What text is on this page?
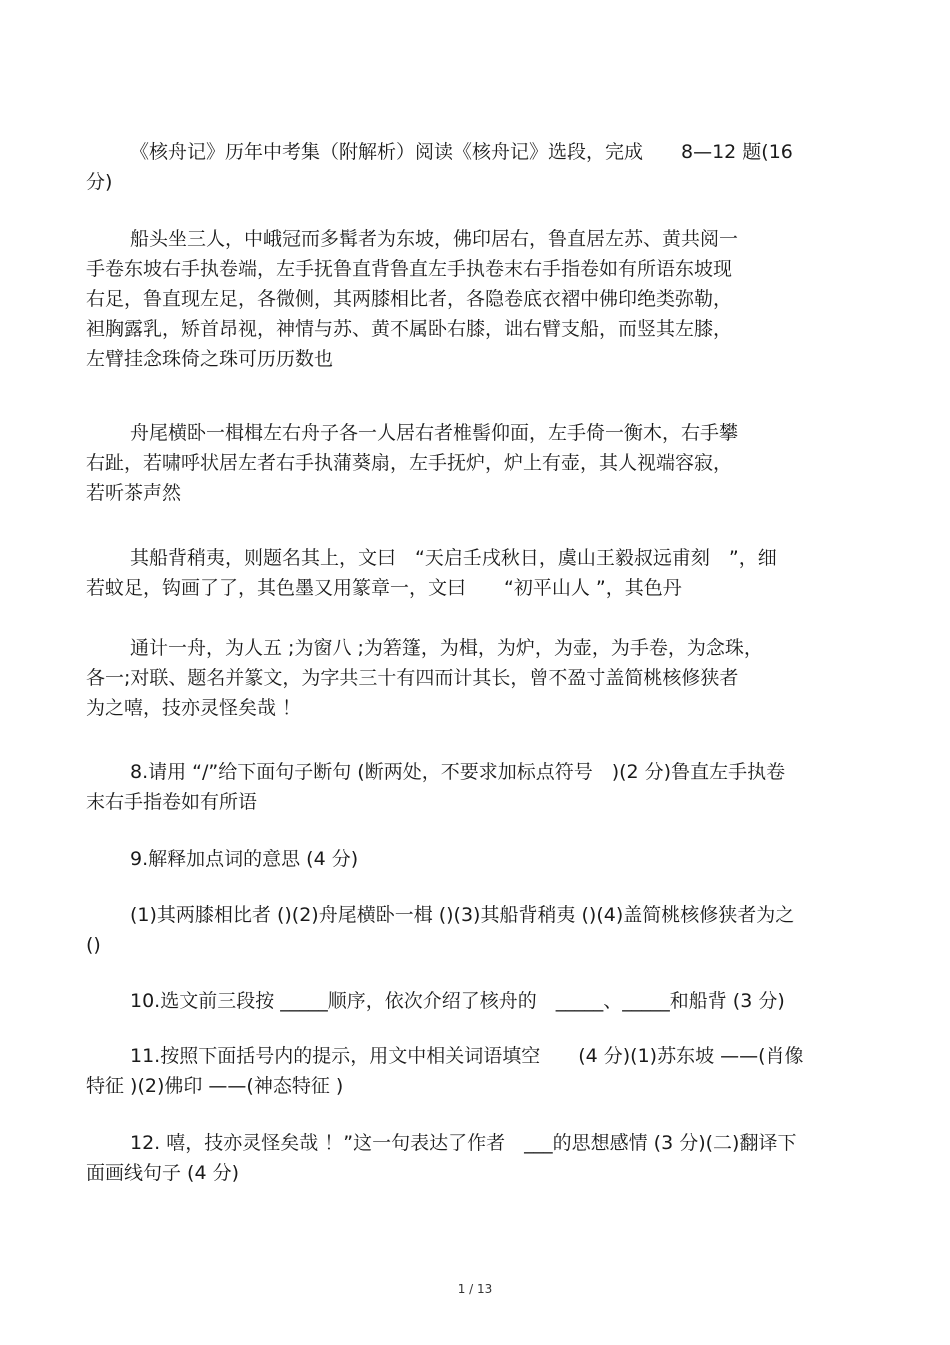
《核舟记》历年中考集（附解析）阅读《核舟记》选段，完成　　8—12 题(16
分)
船头坐三人，中峨冠而多髯者为东坡，佛印居右，鲁直居左苏、黄共阅一
手卷东坡右手执卷端，左手抚鲁直背鲁直左手执卷末右手指卷如有所语东坡现
右足，鲁直现左足，各微侧，其两膝相比者，各隐卷底衣褶中佛印绝类弥勒，
袒胸露乳，矫首昂视，神情与苏、黄不属卧右膝，诎右臂支船，而竖其左膝，
左臂挂念珠倚之珠可历历数也
舟尾横卧一楫楫左右舟子各一人居右者椎髻仰面，左手倚一衡木，右手攀
右趾，若啸呼状居左者右手执蒲葵扇，左手抚炉，炉上有壶，其人视端容寂，
若听茶声然
其船背稍夷，则题名其上，文曰　“天启壬戌秋日，虞山王毅叔远甫刻　”，细
若蚊足，钩画了了，其色墨又用篆章一，文曰　　“初平山人 ”，其色丹
通计一舟，为人五 ;为窗八 ;为箬篷，为楫，为炉，为壶，为手卷，为念珠，
各一;对联、题名并篆文，为字共三十有四而计其长，曾不盈寸盖简桃核修狭者
为之嘻，技亦灵怪矣哉 ！
8.请用 “/”给下面句子断句 (断两处，不要求加标点符号　)(2 分)鲁直左手执卷
末右手指卷如有所语
9.解释加点词的意思 (4 分)
(1)其两膝相比者 ()(2)舟尾横卧一楫 ()(3)其船背稍夷 ()(4)盖简桃核修狭者为之
()
10.选文前三段按 _____顺序，依次介绍了核舟的　_____、_____和船背 (3 分)
11.按照下面括号内的提示，用文中相关词语填空　　(4 分)(1)苏东坡 ——(肖像
特征 )(2)佛印 ——(神态特征 )
12. 嘻，技亦灵怪矣哉 ！”这一句表达了作者　___的思想感情 (3 分)(二)翻译下
面画线句子 (4 分)
1 / 13
